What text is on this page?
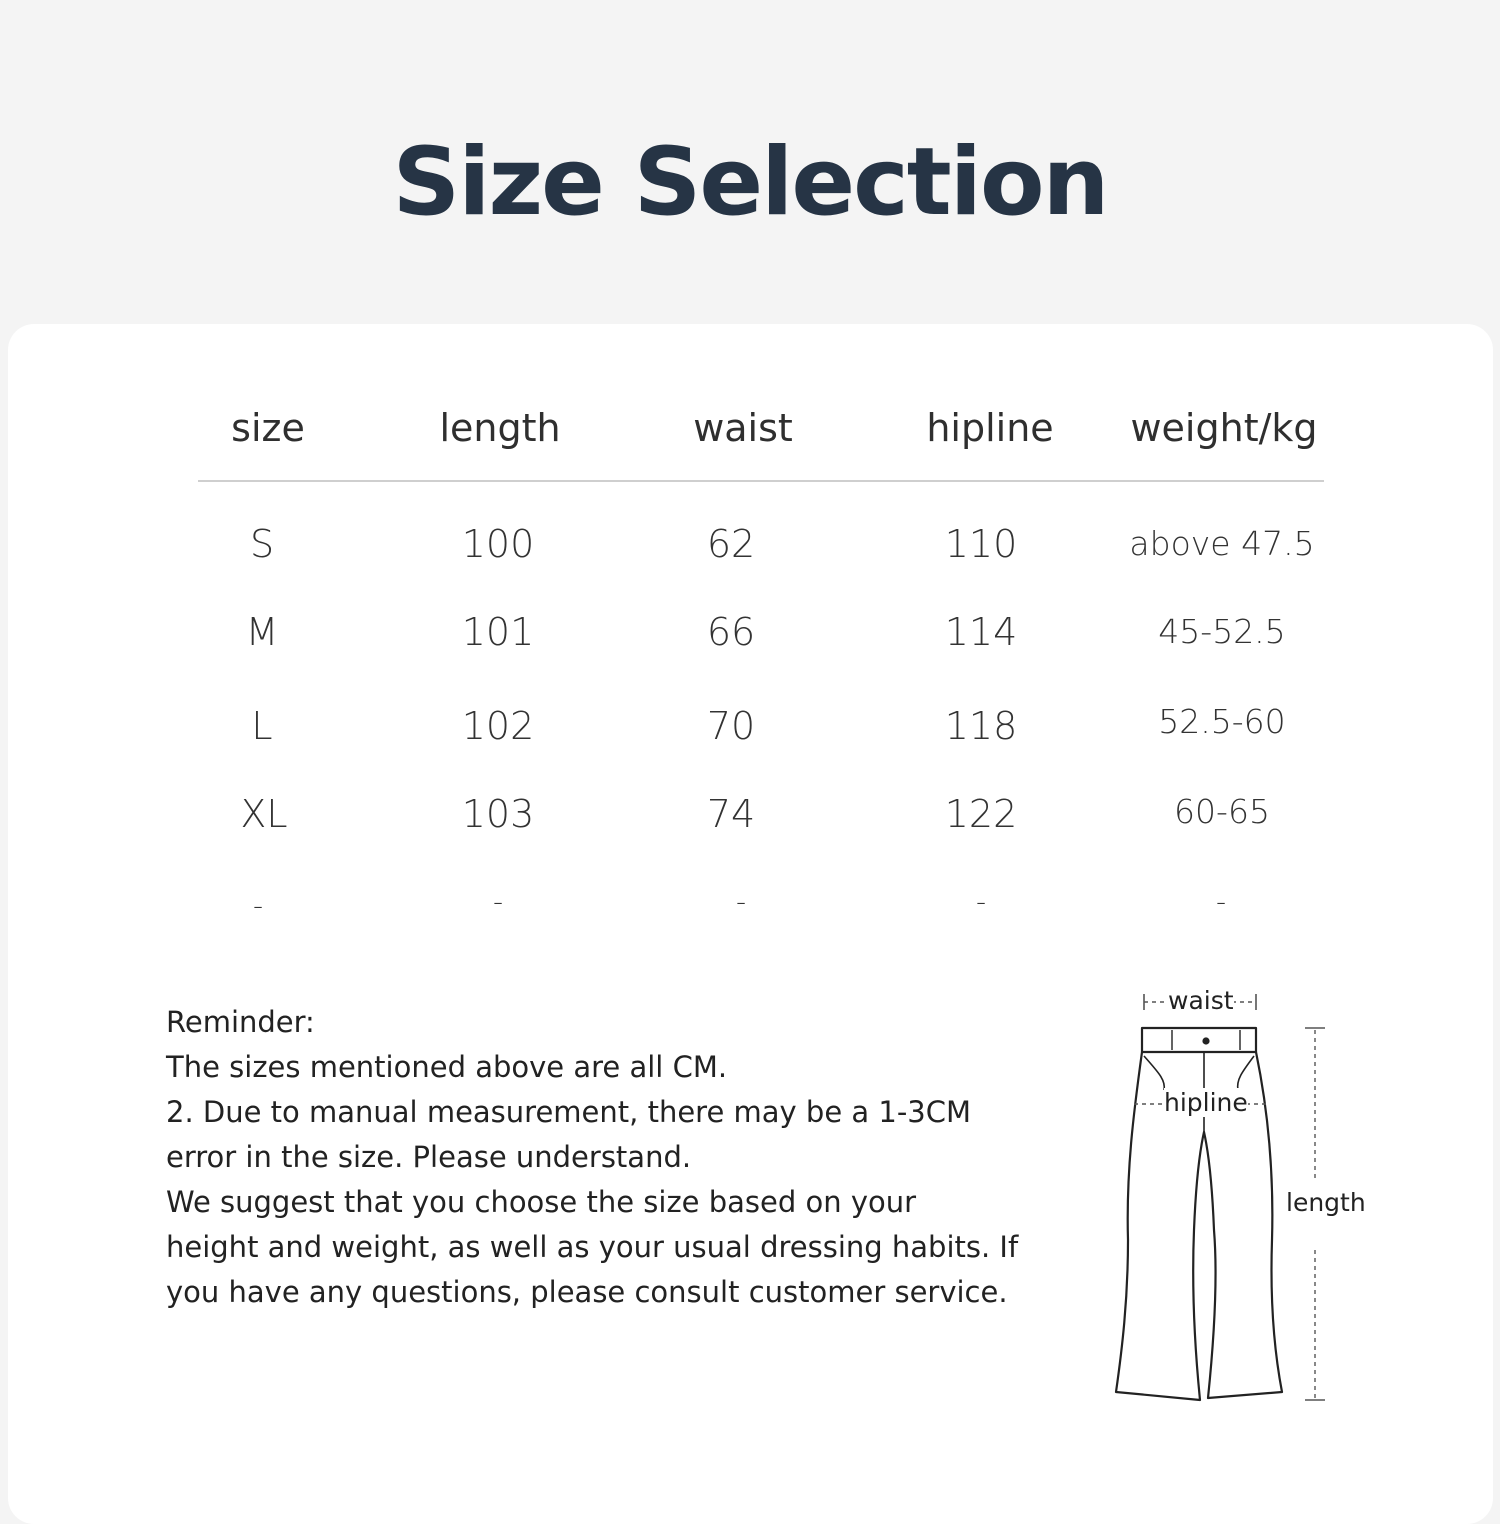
Size Selection
size	length	waist	hipline	weight/kg
S	100	62	110	above 47.5
M	101	66	114	45-52.5
L	102	70	118	52.5-60
XL	103	74	122	60-65
-	-	-	-	-
Reminder:
The sizes mentioned above are all CM.
2. Due to manual measurement, there may be a 1-3CM
error in the size. Please understand.
We suggest that you choose the size based on your
height and weight, as well as your usual dressing habits. If
you have any questions, please consult customer service.
waist
hipline
length
